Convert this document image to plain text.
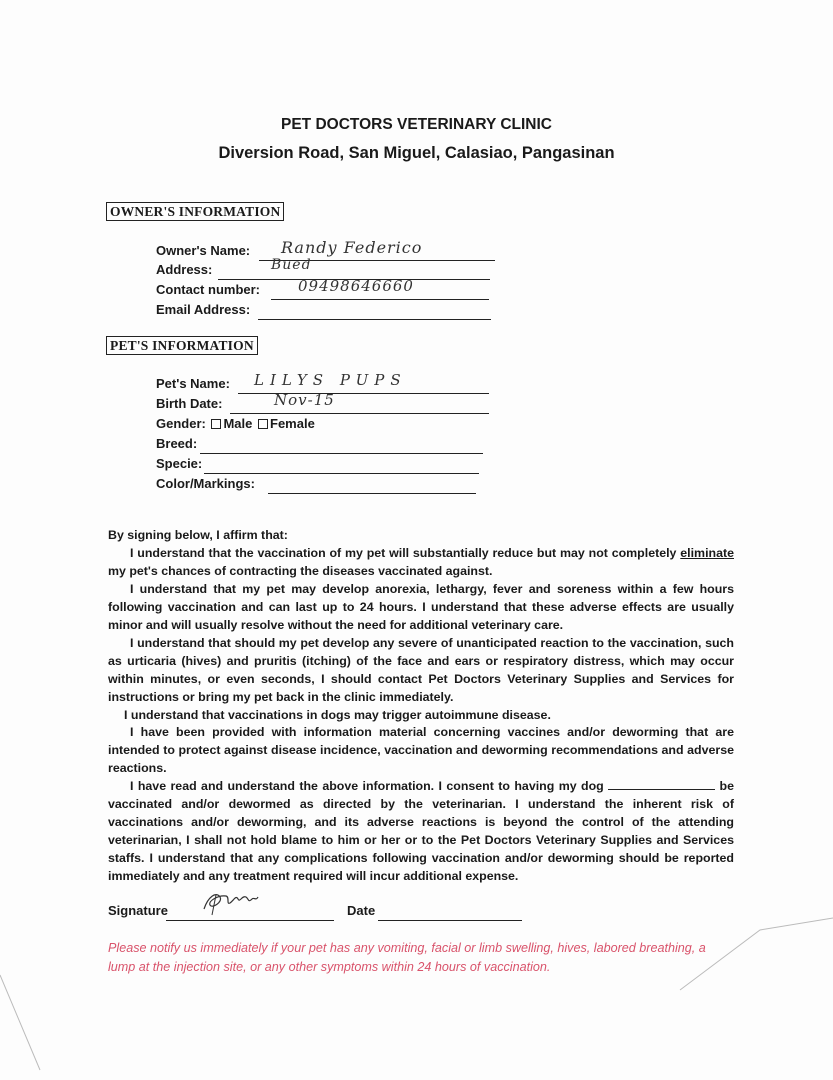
PET DOCTORS VETERINARY CLINIC
Diversion Road, San Miguel, Calasiao, Pangasinan
OWNER'S INFORMATION
Owner's Name: Randy Federico
Address:	Bued
Contact number:	09498646660
Email Address:
PET'S INFORMATION
Pet's Name: LILYS PUPS
Birth Date:	Nov-15
Gender: Male Female
Breed:
Specie:
Color/Markings:

By signing below, I affirm that:

I understand that the vaccination of my pet will substantially reduce but may not completely eliminate my pet's chances of contracting the diseases vaccinated against.

I understand that my pet may develop anorexia, lethargy, fever and soreness within a few hours following vaccination and can last up to 24 hours. I understand that these adverse effects are usually minor and will usually resolve without the need for additional veterinary care.

I understand that should my pet develop any severe of unanticipated reaction to the vaccination, such as urticaria (hives) and pruritis (itching) of the face and ears or respiratory distress, which may occur within minutes, or even seconds, I should contact Pet Doctors Veterinary Supplies and Services for instructions or bring my pet back in the clinic immediately.

I understand that vaccinations in dogs may trigger autoimmune disease.

I have been provided with information material concerning vaccines and/or deworming that are intended to protect against disease incidence, vaccination and deworming recommendations and adverse reactions.

I have read and understand the above information. I consent to having my dog	be vaccinated and/or dewormed as directed by the veterinarian. I understand the inherent risk of vaccinations and/or deworming, and its adverse reactions is beyond the control of the attending veterinarian, I shall not hold blame to him or her or to the Pet Doctors Veterinary Supplies and Services staffs. I understand that any complications following vaccination and/or deworming should be reported immediately and any treatment required will incur additional expense.

Signature	Date
Please notify us immediately if your pet has any vomiting, facial or limb swelling, hives, labored breathing, a lump at the injection site, or any other symptoms within 24 hours of vaccination.
